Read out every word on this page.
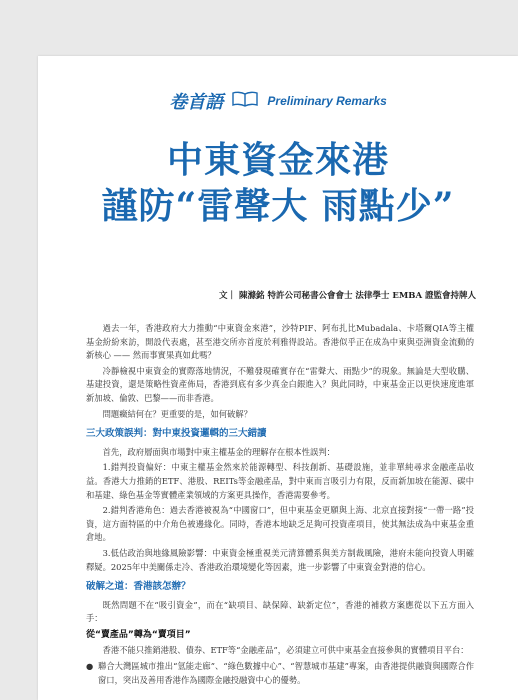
卷首語	Preliminary Remarks
中東資金來港
謹防“雷聲大 雨點少”
文｜ 陳滌銘 特許公司秘書公會會士 法律學士 EMBA 證監會持牌人

過去一年，香港政府大力推動“中東資金來港”，沙特PIF、阿布扎比Mubadala、卡塔爾QIA等主權基金紛紛來訪，開設代表處，甚至港交所亦首度於利雅得設站。香港似乎正在成為中東與亞洲資金流動的新核心 —— 然而事實果真如此嗎？

冷靜檢視中東資金的實際落地情況，不難發現確實存在“雷聲大、雨點少”的現象。無論是大型收購、基建投資，還是策略性資產佈局，香港到底有多少真金白銀進入？與此同時，中東基金正以更快速度進軍新加坡、倫敦、巴黎——而非香港。

問題癥結何在？更重要的是，如何破解？

三大政策誤判：對中東投資邏輯的三大錯讀

首先，政府層面與市場對中東主權基金的理解存在根本性誤判：

1.錯判投資偏好：中東主權基金然來於能源轉型、科技創新、基礎設施，並非單純尋求金融產品收益。香港大力推銷的ETF、港股、REITs等金融產品，對中東而言吸引力有限，反而新加坡在能源、碳中和基建、綠色基金等實體產業領域的方案更具操作，香港需要參考。

2.錯判香港角色：過去香港被視為“中國窗口”，但中東基金更願與上海、北京直接對接“一帶一路”投資，這方面特區的中介角色被邊緣化。同時，香港本地缺乏足夠可投資產項目，使其無法成為中東基金重倉地。

3.低估政治與地緣風險影響：中東資金極重視美元清算體系與美方制裁風險，港府未能向投資人明確釋疑。2025年中美關係走冷、香港政治環境變化等因素，進一步影響了中東資金對港的信心。

破解之道：香港該怎辦？

既然問題不在“吸引資金”，而在“缺項目、缺保障、缺新定位”，香港的補救方案應從以下五方面入手：

從“賣產品”轉為“賣項目”

香港不能只推銷港股、債券、ETF等“金融產品”，必須建立可供中東基金直接參與的實體項目平台：

● 聯合大灣區城市推出“氫能走廊”、“綠色數據中心”、“智慧城市基建”專案，由香港提供融資與國際合作窗口，突出及善用香港作為國際金融投融資中心的優勢。
